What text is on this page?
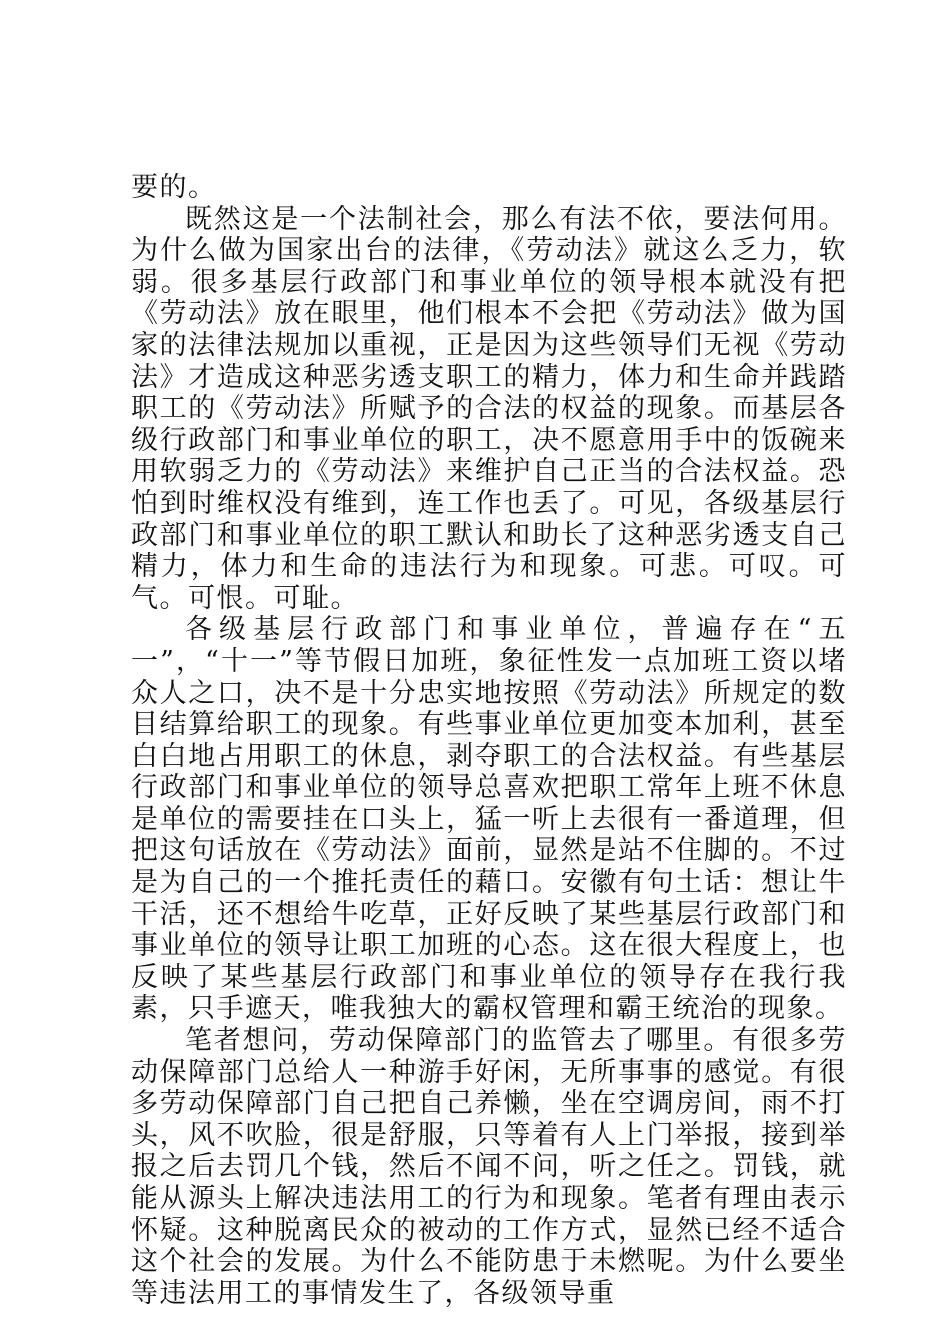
要的。

既然这是一个法制社会，那么有法不依，要法何用。为什么做为国家出台的法律，《劳动法》就这么乏力，软弱。很多基层行政部门和事业单位的领导根本就没有把《劳动法》放在眼里，他们根本不会把《劳动法》做为国家的法律法规加以重视，正是因为这些领导们无视《劳动法》才造成这种恶劣透支职工的精力，体力和生命并践踏职工的《劳动法》所赋予的合法的权益的现象。而基层各级行政部门和事业单位的职工，决不愿意用手中的饭碗来用软弱乏力的《劳动法》来维护自己正当的合法权益。恐怕到时维权没有维到，连工作也丢了。可见，各级基层行政部门和事业单位的职工默认和助长了这种恶劣透支自己精力，体力和生命的违法行为和现象。可悲。可叹。可气。可恨。可耻。

各级基层行政部门和事业单位，普遍存在“五一”，“十一”等节假日加班，象征性发一点加班工资以堵众人之口，决不是十分忠实地按照《劳动法》所规定的数目结算给职工的现象。有些事业单位更加变本加利，甚至白白地占用职工的休息，剥夺职工的合法权益。有些基层行政部门和事业单位的领导总喜欢把职工常年上班不休息是单位的需要挂在口头上，猛一听上去很有一番道理，但把这句话放在《劳动法》面前，显然是站不住脚的。不过是为自己的一个推托责任的藉口。安徽有句土话：想让牛干活，还不想给牛吃草，正好反映了某些基层行政部门和事业单位的领导让职工加班的心态。这在很大程度上，也反映了某些基层行政部门和事业单位的领导存在我行我素，只手遮天，唯我独大的霸权管理和霸王统治的现象。

笔者想问，劳动保障部门的监管去了哪里。有很多劳动保障部门总给人一种游手好闲，无所事事的感觉。有很多劳动保障部门自己把自己养懒，坐在空调房间，雨不打头，风不吹脸，很是舒服，只等着有人上门举报，接到举报之后去罚几个钱，然后不闻不问，听之任之。罚钱，就能从源头上解决违法用工的行为和现象。笔者有理由表示怀疑。这种脱离民众的被动的工作方式，显然已经不适合这个社会的发展。为什么不能防患于未燃呢。为什么要坐等违法用工的事情发生了，各级领导重
